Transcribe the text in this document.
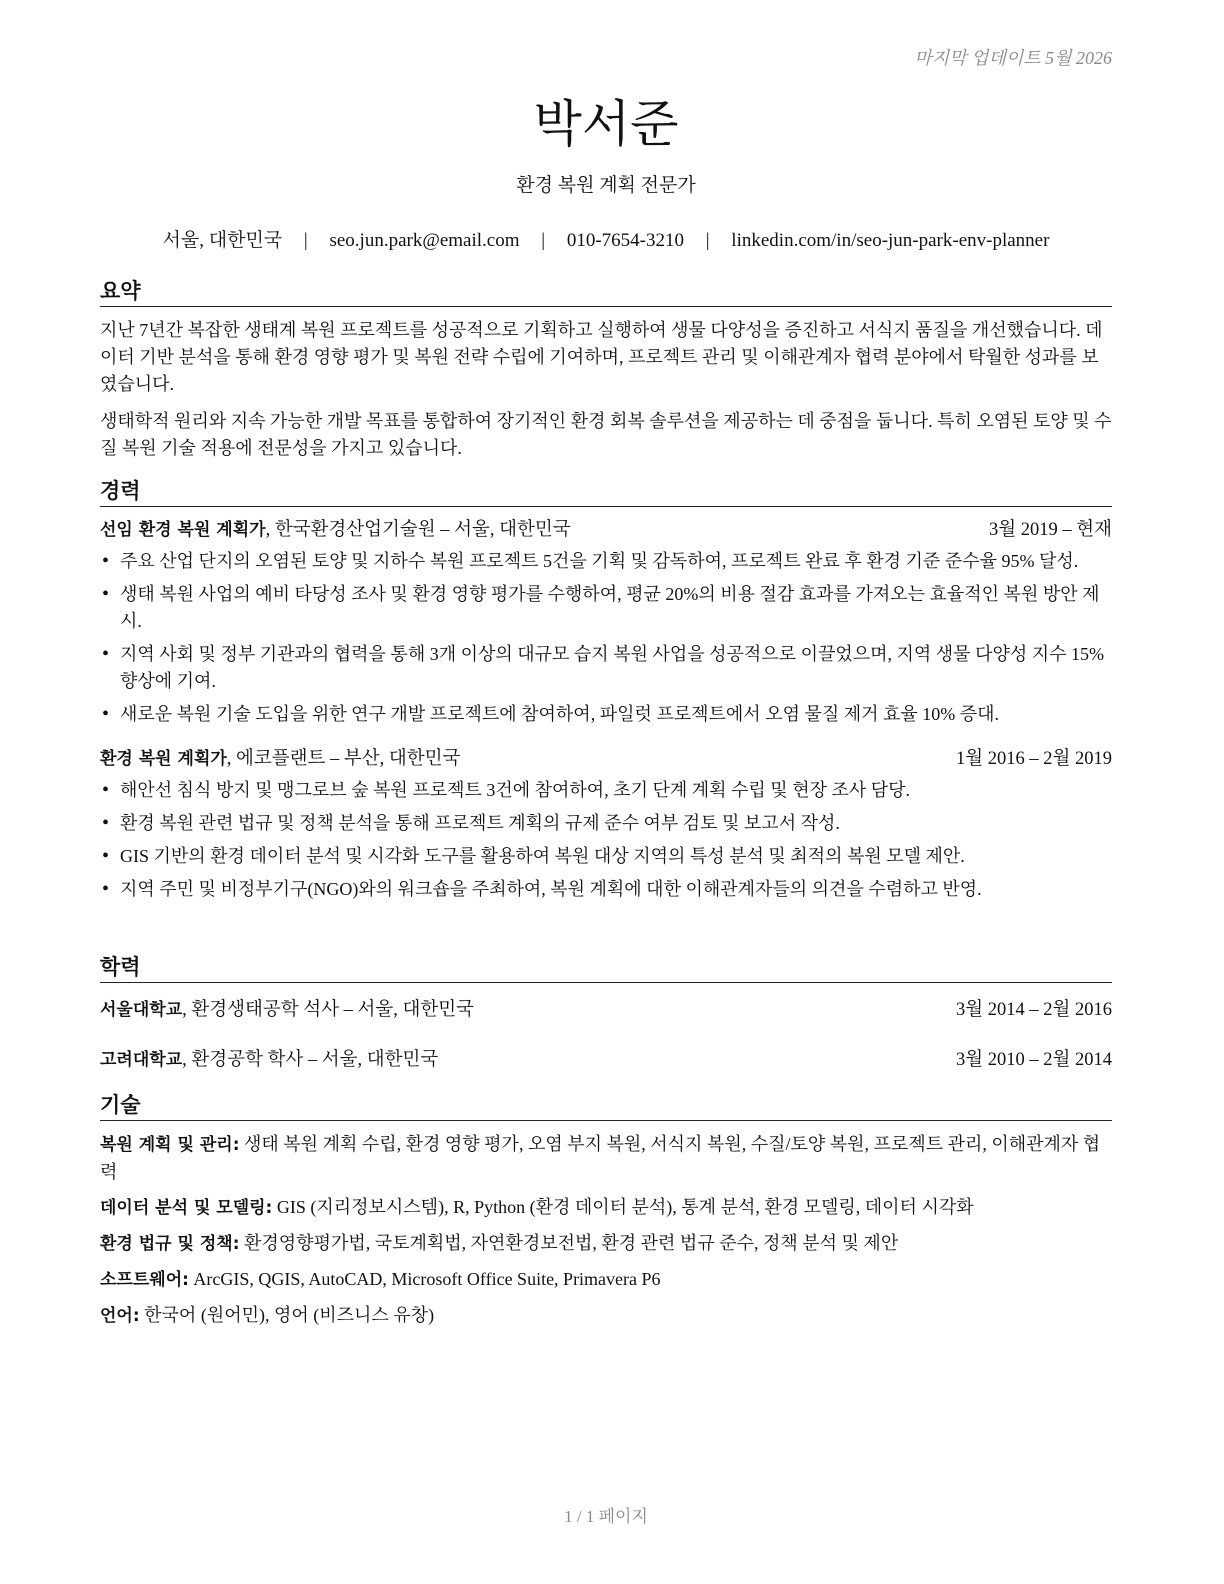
마지막 업데이트 5월 2026
박서준
환경 복원 계획 전문가
서울, 대한민국 | seo.jun.park@email.com | 010-7654-3210 | linkedin.com/in/seo-jun-park-env-planner
요약

지난 7년간 복잡한 생태계 복원 프로젝트를 성공적으로 기획하고 실행하여 생물 다양성을 증진하고 서식지 품질을 개선했습니다. 데이터 기반 분석을 통해 환경 영향 평가 및 복원 전략 수립에 기여하며, 프로젝트 관리 및 이해관계자 협력 분야에서 탁월한 성과를 보였습니다.

생태학적 원리와 지속 가능한 개발 목표를 통합하여 장기적인 환경 회복 솔루션을 제공하는 데 중점을 둡니다. 특히 오염된 토양 및 수질 복원 기술 적용에 전문성을 가지고 있습니다.

경력
선임 환경 복원 계획가, 한국환경산업기술원 – 서울, 대한민국	3월 2019 – 현재
• 주요 산업 단지의 오염된 토양 및 지하수 복원 프로젝트 5건을 기획 및 감독하여, 프로젝트 완료 후 환경 기준 준수율 95% 달성.
• 생태 복원 사업의 예비 타당성 조사 및 환경 영향 평가를 수행하여, 평균 20%의 비용 절감 효과를 가져오는 효율적인 복원 방안 제시.
• 지역 사회 및 정부 기관과의 협력을 통해 3개 이상의 대규모 습지 복원 사업을 성공적으로 이끌었으며, 지역 생물 다양성 지수 15% 향상에 기여.
• 새로운 복원 기술 도입을 위한 연구 개발 프로젝트에 참여하여, 파일럿 프로젝트에서 오염 물질 제거 효율 10% 증대.
환경 복원 계획가, 에코플랜트 – 부산, 대한민국	1월 2016 – 2월 2019
• 해안선 침식 방지 및 맹그로브 숲 복원 프로젝트 3건에 참여하여, 초기 단계 계획 수립 및 현장 조사 담당.
• 환경 복원 관련 법규 및 정책 분석을 통해 프로젝트 계획의 규제 준수 여부 검토 및 보고서 작성.
• GIS 기반의 환경 데이터 분석 및 시각화 도구를 활용하여 복원 대상 지역의 특성 분석 및 최적의 복원 모델 제안.
• 지역 주민 및 비정부기구(NGO)와의 워크숍을 주최하여, 복원 계획에 대한 이해관계자들의 의견을 수렴하고 반영.
학력
서울대학교, 환경생태공학 석사 – 서울, 대한민국	3월 2014 – 2월 2016
고려대학교, 환경공학 학사 – 서울, 대한민국	3월 2010 – 2월 2014
기술
복원 계획 및 관리: 생태 복원 계획 수립, 환경 영향 평가, 오염 부지 복원, 서식지 복원, 수질/토양 복원, 프로젝트 관리, 이해관계자 협력
데이터 분석 및 모델링: GIS (지리정보시스템), R, Python (환경 데이터 분석), 통계 분석, 환경 모델링, 데이터 시각화
환경 법규 및 정책: 환경영향평가법, 국토계획법, 자연환경보전법, 환경 관련 법규 준수, 정책 분석 및 제안
소프트웨어: ArcGIS, QGIS, AutoCAD, Microsoft Office Suite, Primavera P6
언어: 한국어 (원어민), 영어 (비즈니스 유창)
1 / 1 페이지
